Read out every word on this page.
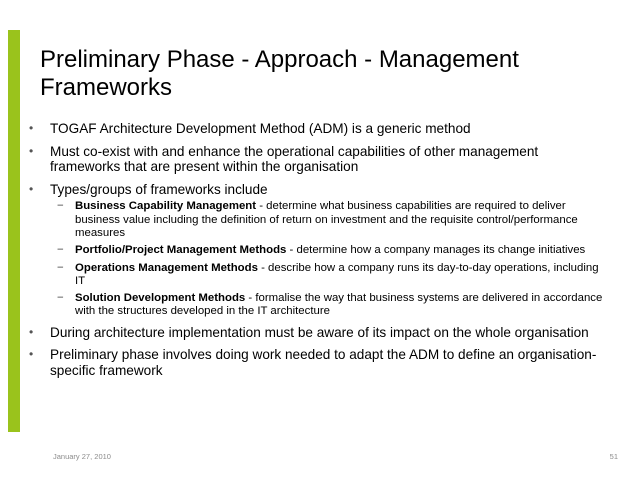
Preliminary Phase - Approach - Management Frameworks
• TOGAF Architecture Development Method (ADM) is a generic method
• Must co-exist with and enhance the operational capabilities of other management frameworks that are present within the organisation
• Types/groups of frameworks include
− Business Capability Management - determine what business capabilities are required to deliver business value including the definition of return on investment and the requisite control/performance measures
− Portfolio/Project Management Methods - determine how a company manages its change initiatives
− Operations Management Methods - describe how a company runs its day-to-day operations, including IT
− Solution Development Methods - formalise the way that business systems are delivered in accordance with the structures developed in the IT architecture
• During architecture implementation must be aware of its impact on the whole organisation
• Preliminary phase involves doing work needed to adapt the ADM to define an organisation-specific framework
January 27, 2010	51
